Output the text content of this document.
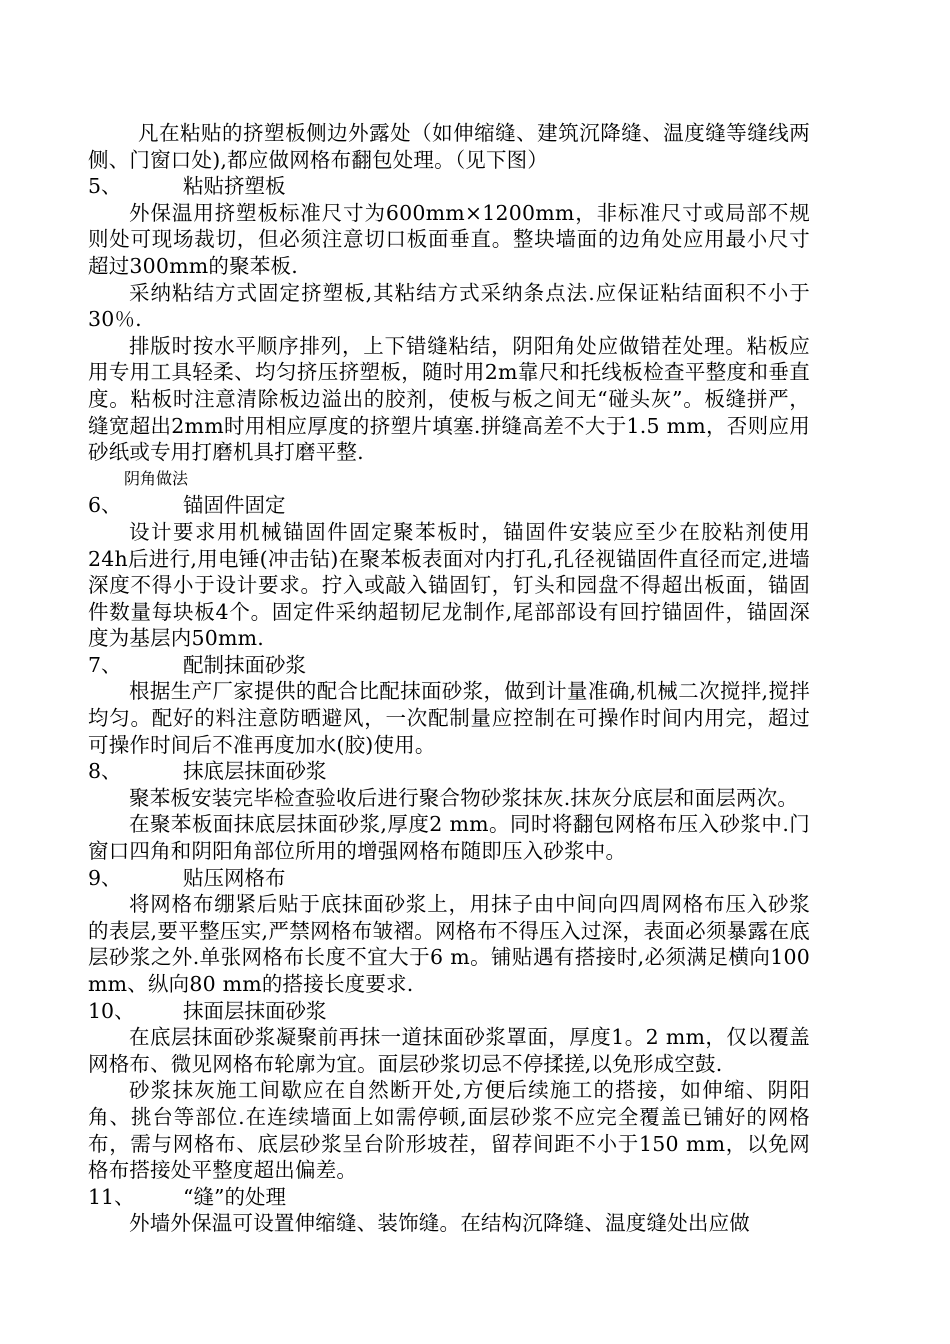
凡在粘贴的挤塑板侧边外露处（如伸缩缝、建筑沉降缝、温度缝等缝线两侧、门窗口处),都应做网格布翻包处理。（见下图）

5、	粘贴挤塑板

外保温用挤塑板标准尺寸为600mm×1200mm，非标准尺寸或局部不规则处可现场裁切，但必须注意切口板面垂直。整块墙面的边角处应用最小尺寸超过300mm的聚苯板.

采纳粘结方式固定挤塑板,其粘结方式采纳条点法.应保证粘结面积不小于30％.

排版时按水平顺序排列，上下错缝粘结，阴阳角处应做错茬处理。粘板应用专用工具轻柔、均匀挤压挤塑板，随时用2m靠尺和托线板检查平整度和垂直度。粘板时注意清除板边溢出的胶剂，使板与板之间无“碰头灰”。板缝拼严，缝宽超出2mm时用相应厚度的挤塑片填塞.拼缝高差不大于1.5 mm，否则应用砂纸或专用打磨机具打磨平整.

阴角做法

6、	锚固件固定

设计要求用机械锚固件固定聚苯板时，锚固件安装应至少在胶粘剂使用24h后进行,用电锤(冲击钻)在聚苯板表面对内打孔,孔径视锚固件直径而定,进墙深度不得小于设计要求。拧入或敲入锚固钉，钉头和园盘不得超出板面，锚固件数量每块板4个。固定件采纳超韧尼龙制作,尾部部设有回拧锚固件，锚固深度为基层内50mm.

7、	配制抹面砂浆

根据生产厂家提供的配合比配抹面砂浆，做到计量准确,机械二次搅拌,搅拌均匀。配好的料注意防晒避风，一次配制量应控制在可操作时间内用完，超过可操作时间后不准再度加水(胶)使用。

8、	抹底层抹面砂浆

聚苯板安装完毕检查验收后进行聚合物砂浆抹灰.抹灰分底层和面层两次。

在聚苯板面抹底层抹面砂浆,厚度2 mm。同时将翻包网格布压入砂浆中.门窗口四角和阴阳角部位所用的增强网格布随即压入砂浆中。

9、	贴压网格布

将网格布绷紧后贴于底抹面砂浆上，用抹子由中间向四周网格布压入砂浆的表层,要平整压实,严禁网格布皱褶。网格布不得压入过深，表面必须暴露在底层砂浆之外.单张网格布长度不宜大于6 m。铺贴遇有搭接时,必须满足横向100 mm、纵向80 mm的搭接长度要求.

10、	抹面层抹面砂浆

在底层抹面砂浆凝聚前再抹一道抹面砂浆罩面，厚度1。2 mm，仅以覆盖网格布、微见网格布轮廓为宜。面层砂浆切忌不停揉搓,以免形成空鼓.

砂浆抹灰施工间歇应在自然断开处,方便后续施工的搭接，如伸缩、阴阳角、挑台等部位.在连续墙面上如需停顿,面层砂浆不应完全覆盖已铺好的网格布，需与网格布、底层砂浆呈台阶形坡茬，留荐间距不小于150 mm，以免网格布搭接处平整度超出偏差。

11、	“缝”的处理

外墙外保温可设置伸缩缝、装饰缝。在结构沉降缝、温度缝处出应做
